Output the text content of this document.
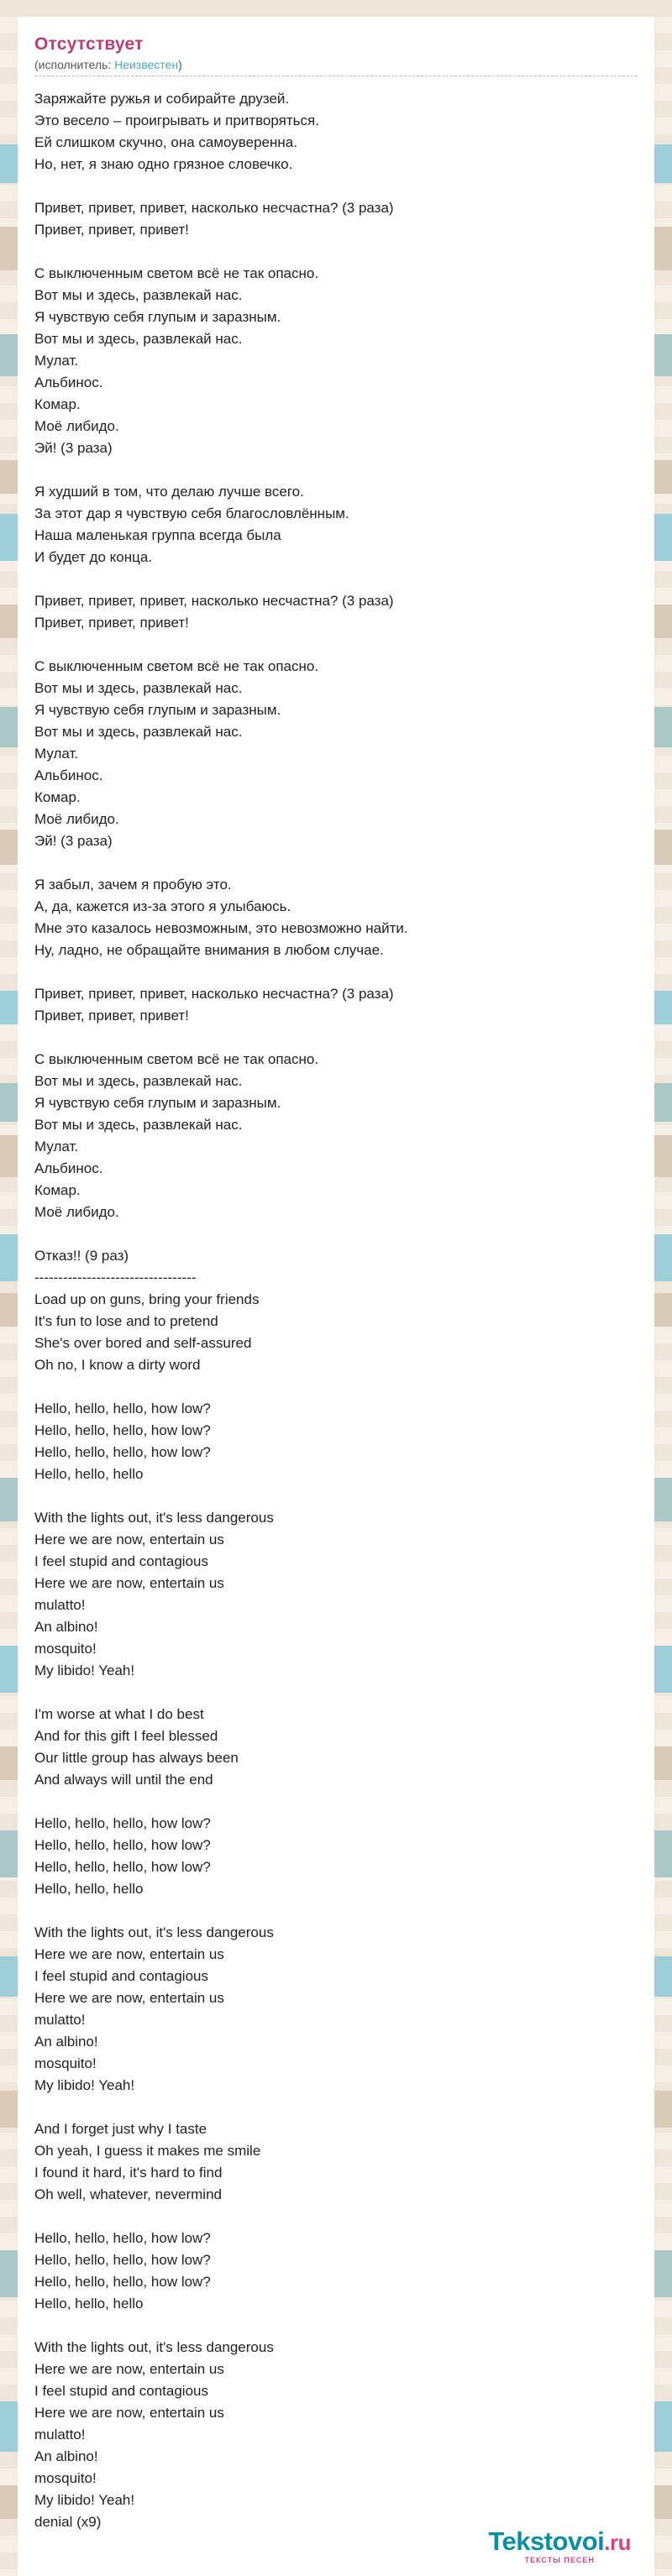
Отсутствует
(исполнитель: Неизвестен)
Заряжайте ружья и собирайте друзей.
Это весело – проигрывать и притворяться.
Ей слишком скучно, она самоуверенна.
Но, нет, я знаю одно грязное словечко.

Привет, привет, привет, насколько несчастна? (3 раза)
Привет, привет, привет!

С выключенным светом всё не так опасно.
Вот мы и здесь, развлекай нас.
Я чувствую себя глупым и заразным.
Вот мы и здесь, развлекай нас.
Мулат.
Альбинос.
Комар.
Моё либидо.
Эй! (3 раза)

Я худший в том, что делаю лучше всего.
За этот дар я чувствую себя благословлённым.
Наша маленькая группа всегда была
И будет до конца.

Привет, привет, привет, насколько несчастна? (3 раза)
Привет, привет, привет!

С выключенным светом всё не так опасно.
Вот мы и здесь, развлекай нас.
Я чувствую себя глупым и заразным.
Вот мы и здесь, развлекай нас.
Мулат.
Альбинос.
Комар.
Моё либидо.
Эй! (3 раза)

Я забыл, зачем я пробую это.
А, да, кажется из-за этого я улыбаюсь.
Мне это казалось невозможным, это невозможно найти.
Ну, ладно, не обращайте внимания в любом случае.

Привет, привет, привет, насколько несчастна? (3 раза)
Привет, привет, привет!

С выключенным светом всё не так опасно.
Вот мы и здесь, развлекай нас.
Я чувствую себя глупым и заразным.
Вот мы и здесь, развлекай нас.
Мулат.
Альбинос.
Комар.
Моё либидо.

Отказ!! (9 раз)
----------------------------------
Load up on guns, bring your friends
It's fun to lose and to pretend
She's over bored and self-assured
Oh no, I know a dirty word

Hello, hello, hello, how low?
Hello, hello, hello, how low?
Hello, hello, hello, how low?
Hello, hello, hello

With the lights out, it's less dangerous
Here we are now, entertain us
I feel stupid and contagious
Here we are now, entertain us
mulatto!
An albino!
mosquito!
My libido! Yeah!

I'm worse at what I do best
And for this gift I feel blessed
Our little group has always been
And always will until the end

Hello, hello, hello, how low?
Hello, hello, hello, how low?
Hello, hello, hello, how low?
Hello, hello, hello

With the lights out, it's less dangerous
Here we are now, entertain us
I feel stupid and contagious
Here we are now, entertain us
mulatto!
An albino!
mosquito!
My libido! Yeah!

And I forget just why I taste
Oh yeah, I guess it makes me smile
I found it hard, it's hard to find
Oh well, whatever, nevermind

Hello, hello, hello, how low?
Hello, hello, hello, how low?
Hello, hello, hello, how low?
Hello, hello, hello

With the lights out, it's less dangerous
Here we are now, entertain us
I feel stupid and contagious
Here we are now, entertain us
mulatto!
An albino!
mosquito!
My libido! Yeah!
denial (x9)
Tekstovoi.ru
ТЕКСТЫ ПЕСЕН
